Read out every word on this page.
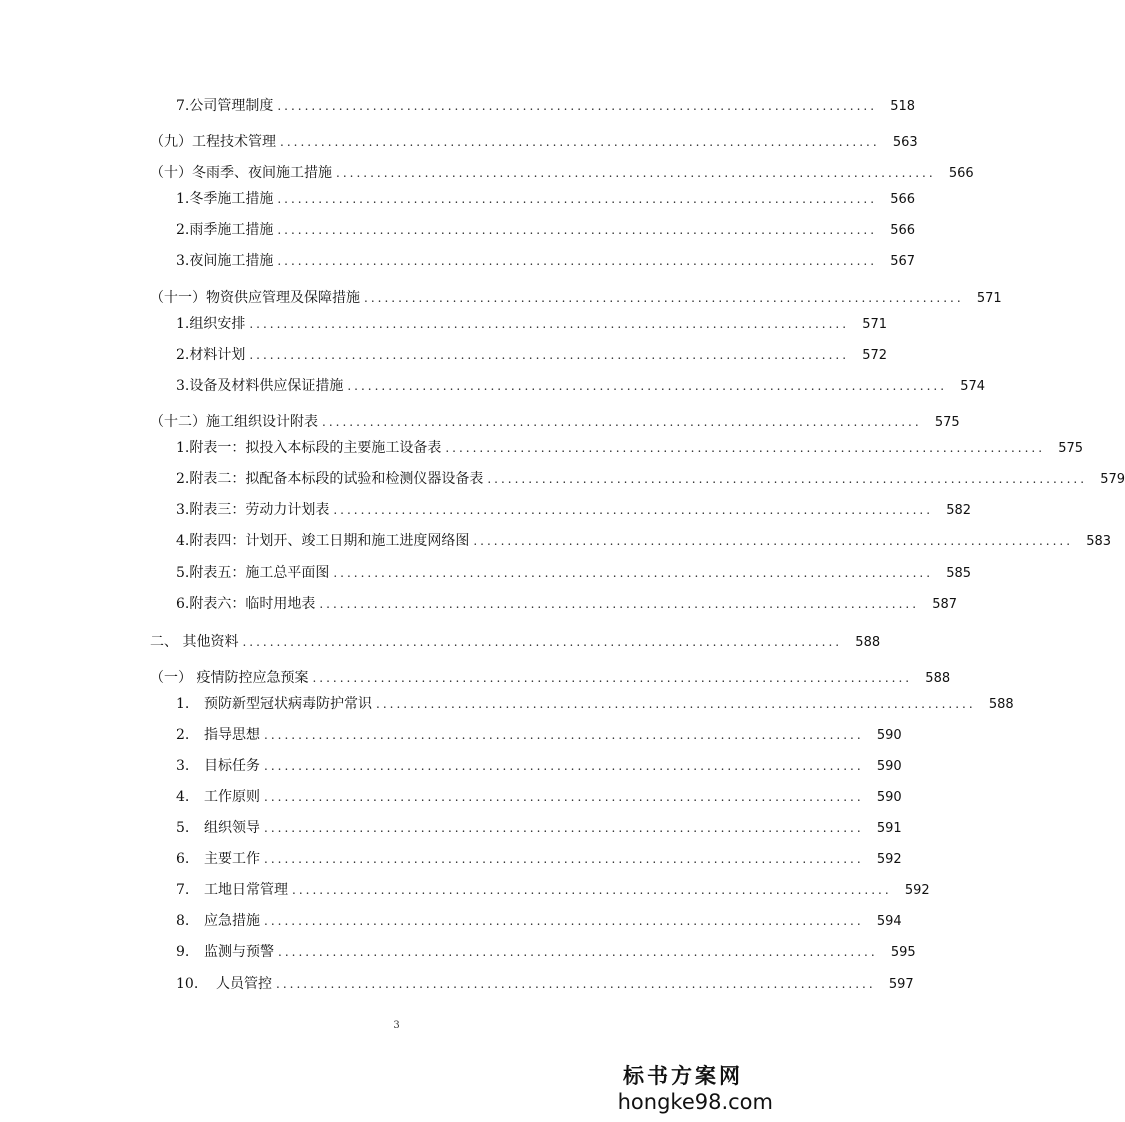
7.公司管理制度 ........................................................................................	518
（九）工程技术管理 ........................................................................................	563
（十）冬雨季、夜间施工措施 ........................................................................................	566
1.冬季施工措施 ........................................................................................	566
2.雨季施工措施 ........................................................................................	566
3.夜间施工措施 ........................................................................................	567
（十一）物资供应管理及保障措施 ........................................................................................	571
1.组织安排 ........................................................................................	571
2.材料计划 ........................................................................................	572
3.设备及材料供应保证措施 ........................................................................................	574
（十二）施工组织设计附表 ........................................................................................	575
1.附表一：拟投入本标段的主要施工设备表 ........................................................................................	575
2.附表二：拟配备本标段的试验和检测仪器设备表 ........................................................................................	579
3.附表三：劳动力计划表 ........................................................................................	582
4.附表四：计划开、竣工日期和施工进度网络图 ........................................................................................	583
5.附表五：施工总平面图 ........................................................................................	585
6.附表六：临时用地表 ........................................................................................	587
二、 其他资料 ........................................................................................	588
（一） 疫情防控应急预案 ........................................................................................	588
1. 预防新型冠状病毒防护常识 ........................................................................................	588
2. 指导思想 ........................................................................................	590
3. 目标任务 ........................................................................................	590
4. 工作原则 ........................................................................................	590
5. 组织领导 ........................................................................................	591
6. 主要工作 ........................................................................................	592
7. 工地日常管理 ........................................................................................	592
8. 应急措施 ........................................................................................	594
9. 监测与预警 ........................................................................................	595
10. 人员管控 ........................................................................................	597
3
标书方案网
hongke98.com
